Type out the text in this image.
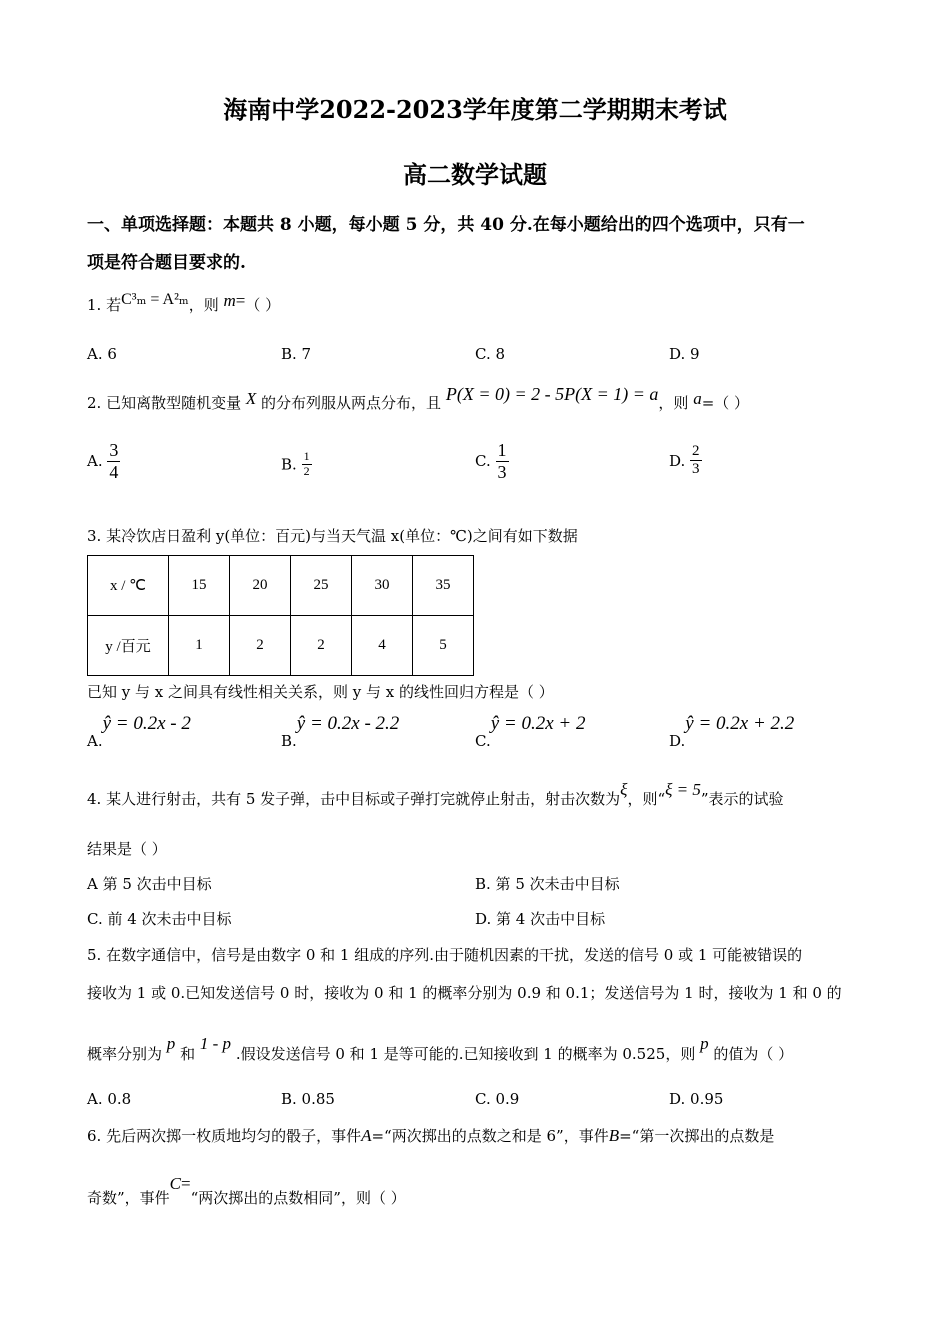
海南中学2022-2023学年度第二学期期末考试
高二数学试题
一、单项选择题：本题共 8 小题，每小题 5 分，共 40 分.在每小题给出的四个选项中，只有一
项是符合题目要求的.
1. 若C³ₘ = A²ₘ，则 m=（ ）
A. 6	B. 7	C. 8	D. 9
2. 已知离散型随机变量 X 的分布列服从两点分布，且 P(X = 0) = 2 - 5P(X = 1) = a，则 a=（ ）
A. $\frac{3}{4}$	B. $\frac{1}{2}$	C. $\frac{1}{3}$	D. $\frac{2}{3}$
3. 某冷饮店日盈利 y(单位：百元)与当天气温 x(单位：℃)之间有如下数据
x / ℃	15	20	25	30	35
y /百元	1	2	2	4	5
已知 y 与 x 之间具有线性相关关系，则 y 与 x 的线性回归方程是（ ）
A.ŷ = 0.2x - 2
B.ŷ = 0.2x - 2.2
C.ŷ = 0.2x + 2
D.ŷ = 0.2x + 2.2
4. 某人进行射击，共有 5 发子弹，击中目标或子弹打完就停止射击，射击次数为ξ，则“ξ = 5”表示的试验
结果是（ ）
A 第 5 次击中目标	B. 第 5 次未击中目标
C. 前 4 次未击中目标	D. 第 4 次击中目标
5. 在数字通信中，信号是由数字 0 和 1 组成的序列.由于随机因素的干扰，发送的信号 0 或 1 可能被错误的
接收为 1 或 0.已知发送信号 0 时，接收为 0 和 1 的概率分别为 0.9 和 0.1；发送信号为 1 时，接收为 1 和 0 的
概率分别为 p 和 1 - p .假设发送信号 0 和 1 是等可能的.已知接收到 1 的概率为 0.525，则 p 的值为（ ）
A. 0.8	B. 0.85	C. 0.9	D. 0.95
6. 先后两次掷一枚质地均匀的骰子，事件A=“两次掷出的点数之和是 6”，事件B=“第一次掷出的点数是
奇数”，事件C=“两次掷出的点数相同”，则（ ）
